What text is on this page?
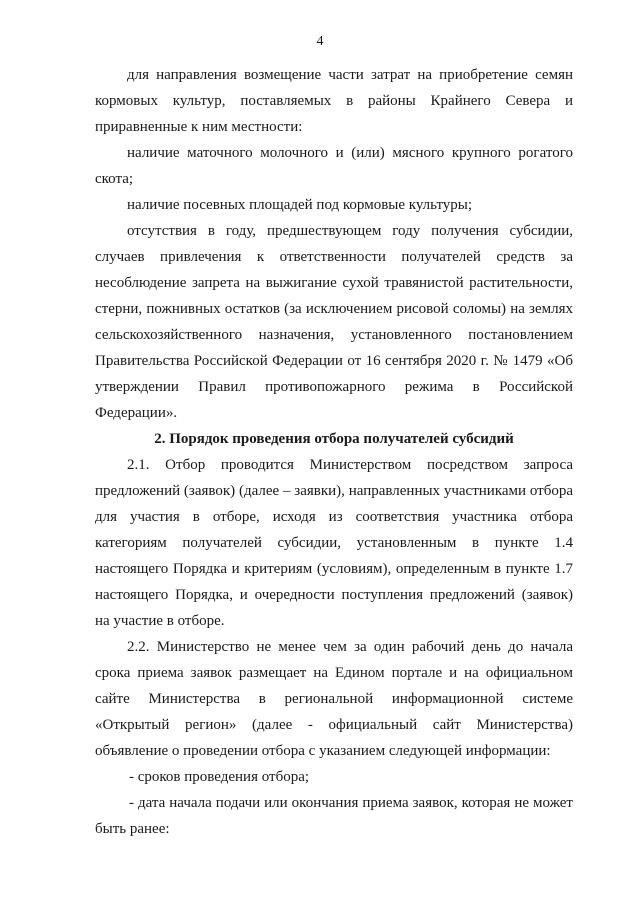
4

для направления возмещение части затрат на приобретение семян кормовых культур, поставляемых в районы Крайнего Севера и приравненные к ним местности:

наличие маточного молочного и (или) мясного крупного рогатого скота;

наличие посевных площадей под кормовые культуры;

отсутствия в году, предшествующем году получения субсидии, случаев привлечения к ответственности получателей средств за несоблюдение запрета на выжигание сухой травянистой растительности, стерни, пожнивных остатков (за исключением рисовой соломы) на землях сельскохозяйственного назначения, установленного постановлением Правительства Российской Федерации от 16 сентября 2020 г. № 1479 «Об утверждении Правил противопожарного режима в Российской Федерации».

2. Порядок проведения отбора получателей субсидий

2.1. Отбор проводится Министерством посредством запроса предложений (заявок) (далее – заявки), направленных участниками отбора для участия в отборе, исходя из соответствия участника отбора категориям получателей субсидии, установленным в пункте 1.4 настоящего Порядка и критериям (условиям), определенным в пункте 1.7 настоящего Порядка, и очередности поступления предложений (заявок) на участие в отборе.

2.2. Министерство не менее чем за один рабочий день до начала срока приема заявок размещает на Едином портале и на официальном сайте Министерства в региональной информационной системе «Открытый регион» (далее - официальный сайт Министерства) объявление о проведении отбора с указанием следующей информации:

- сроков проведения отбора;

- дата начала подачи или окончания приема заявок, которая не может быть ранее:
